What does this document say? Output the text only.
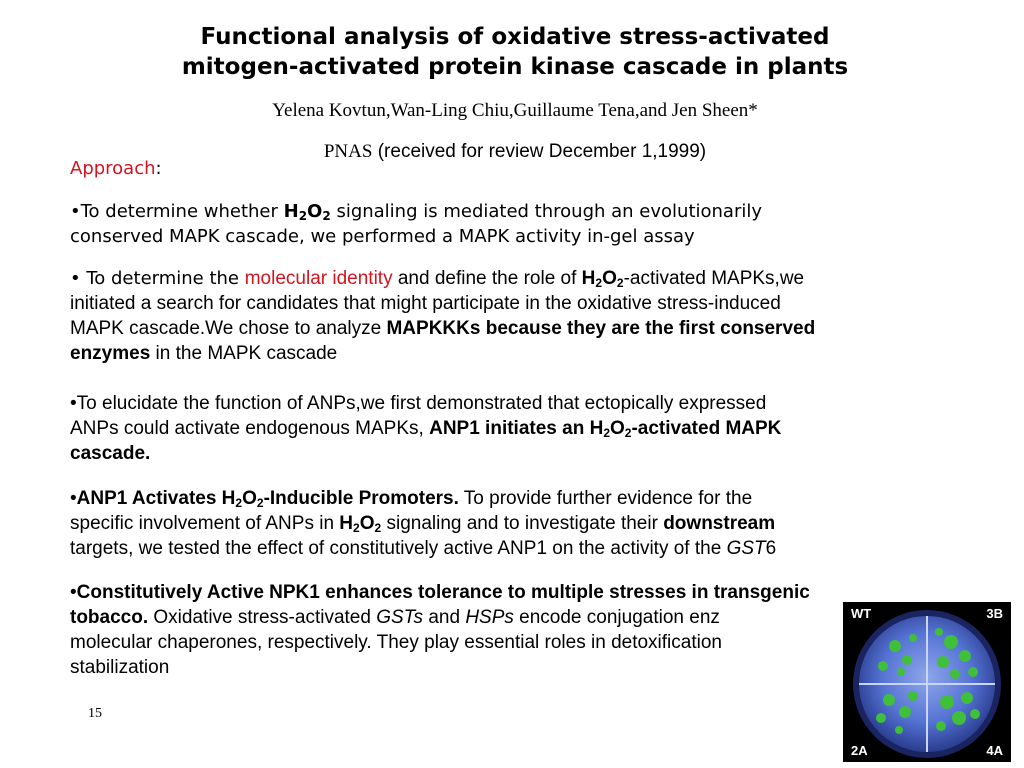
Functional analysis of oxidative stress-activated
mitogen-activated protein kinase cascade in plants
Yelena Kovtun,Wan-Ling Chiu,Guillaume Tena,and Jen Sheen*
PNAS (received for review December 1,1999)
Approach:
•To determine whether $H_2O_2$ signaling is mediated through an evolutionarily
conserved MAPK cascade, we performed a MAPK activity in-gel assay
• To determine the molecular identity and define the role of $H_2O_2$-activated MAPKs,we
initiated a search for candidates that might participate in the oxidative stress-induced
MAPK cascade.We chose to analyze MAPKKKs because they are the first conserved
enzymes in the MAPK cascade
•To elucidate the function of ANPs,we first demonstrated that ectopically expressed
ANPs could activate endogenous MAPKs, ANP1 initiates an $H_2O_2$-activated MAPK
cascade.
•ANP1 Activates $H_2O_2$-Inducible Promoters. To provide further evidence for the
specific involvement of ANPs in $H_2O_2$ signaling and to investigate their downstream
targets, we tested the effect of constitutively active ANP1 on the activity of the GST6
•Constitutively Active NPK1 enhances tolerance to multiple stresses in transgenic
tobacco. Oxidative stress-activated GSTs and HSPs encode conjugation enz
molecular chaperones, respectively. They play essential roles in detoxification
stabilization
15
WT	3B
2A	4A
